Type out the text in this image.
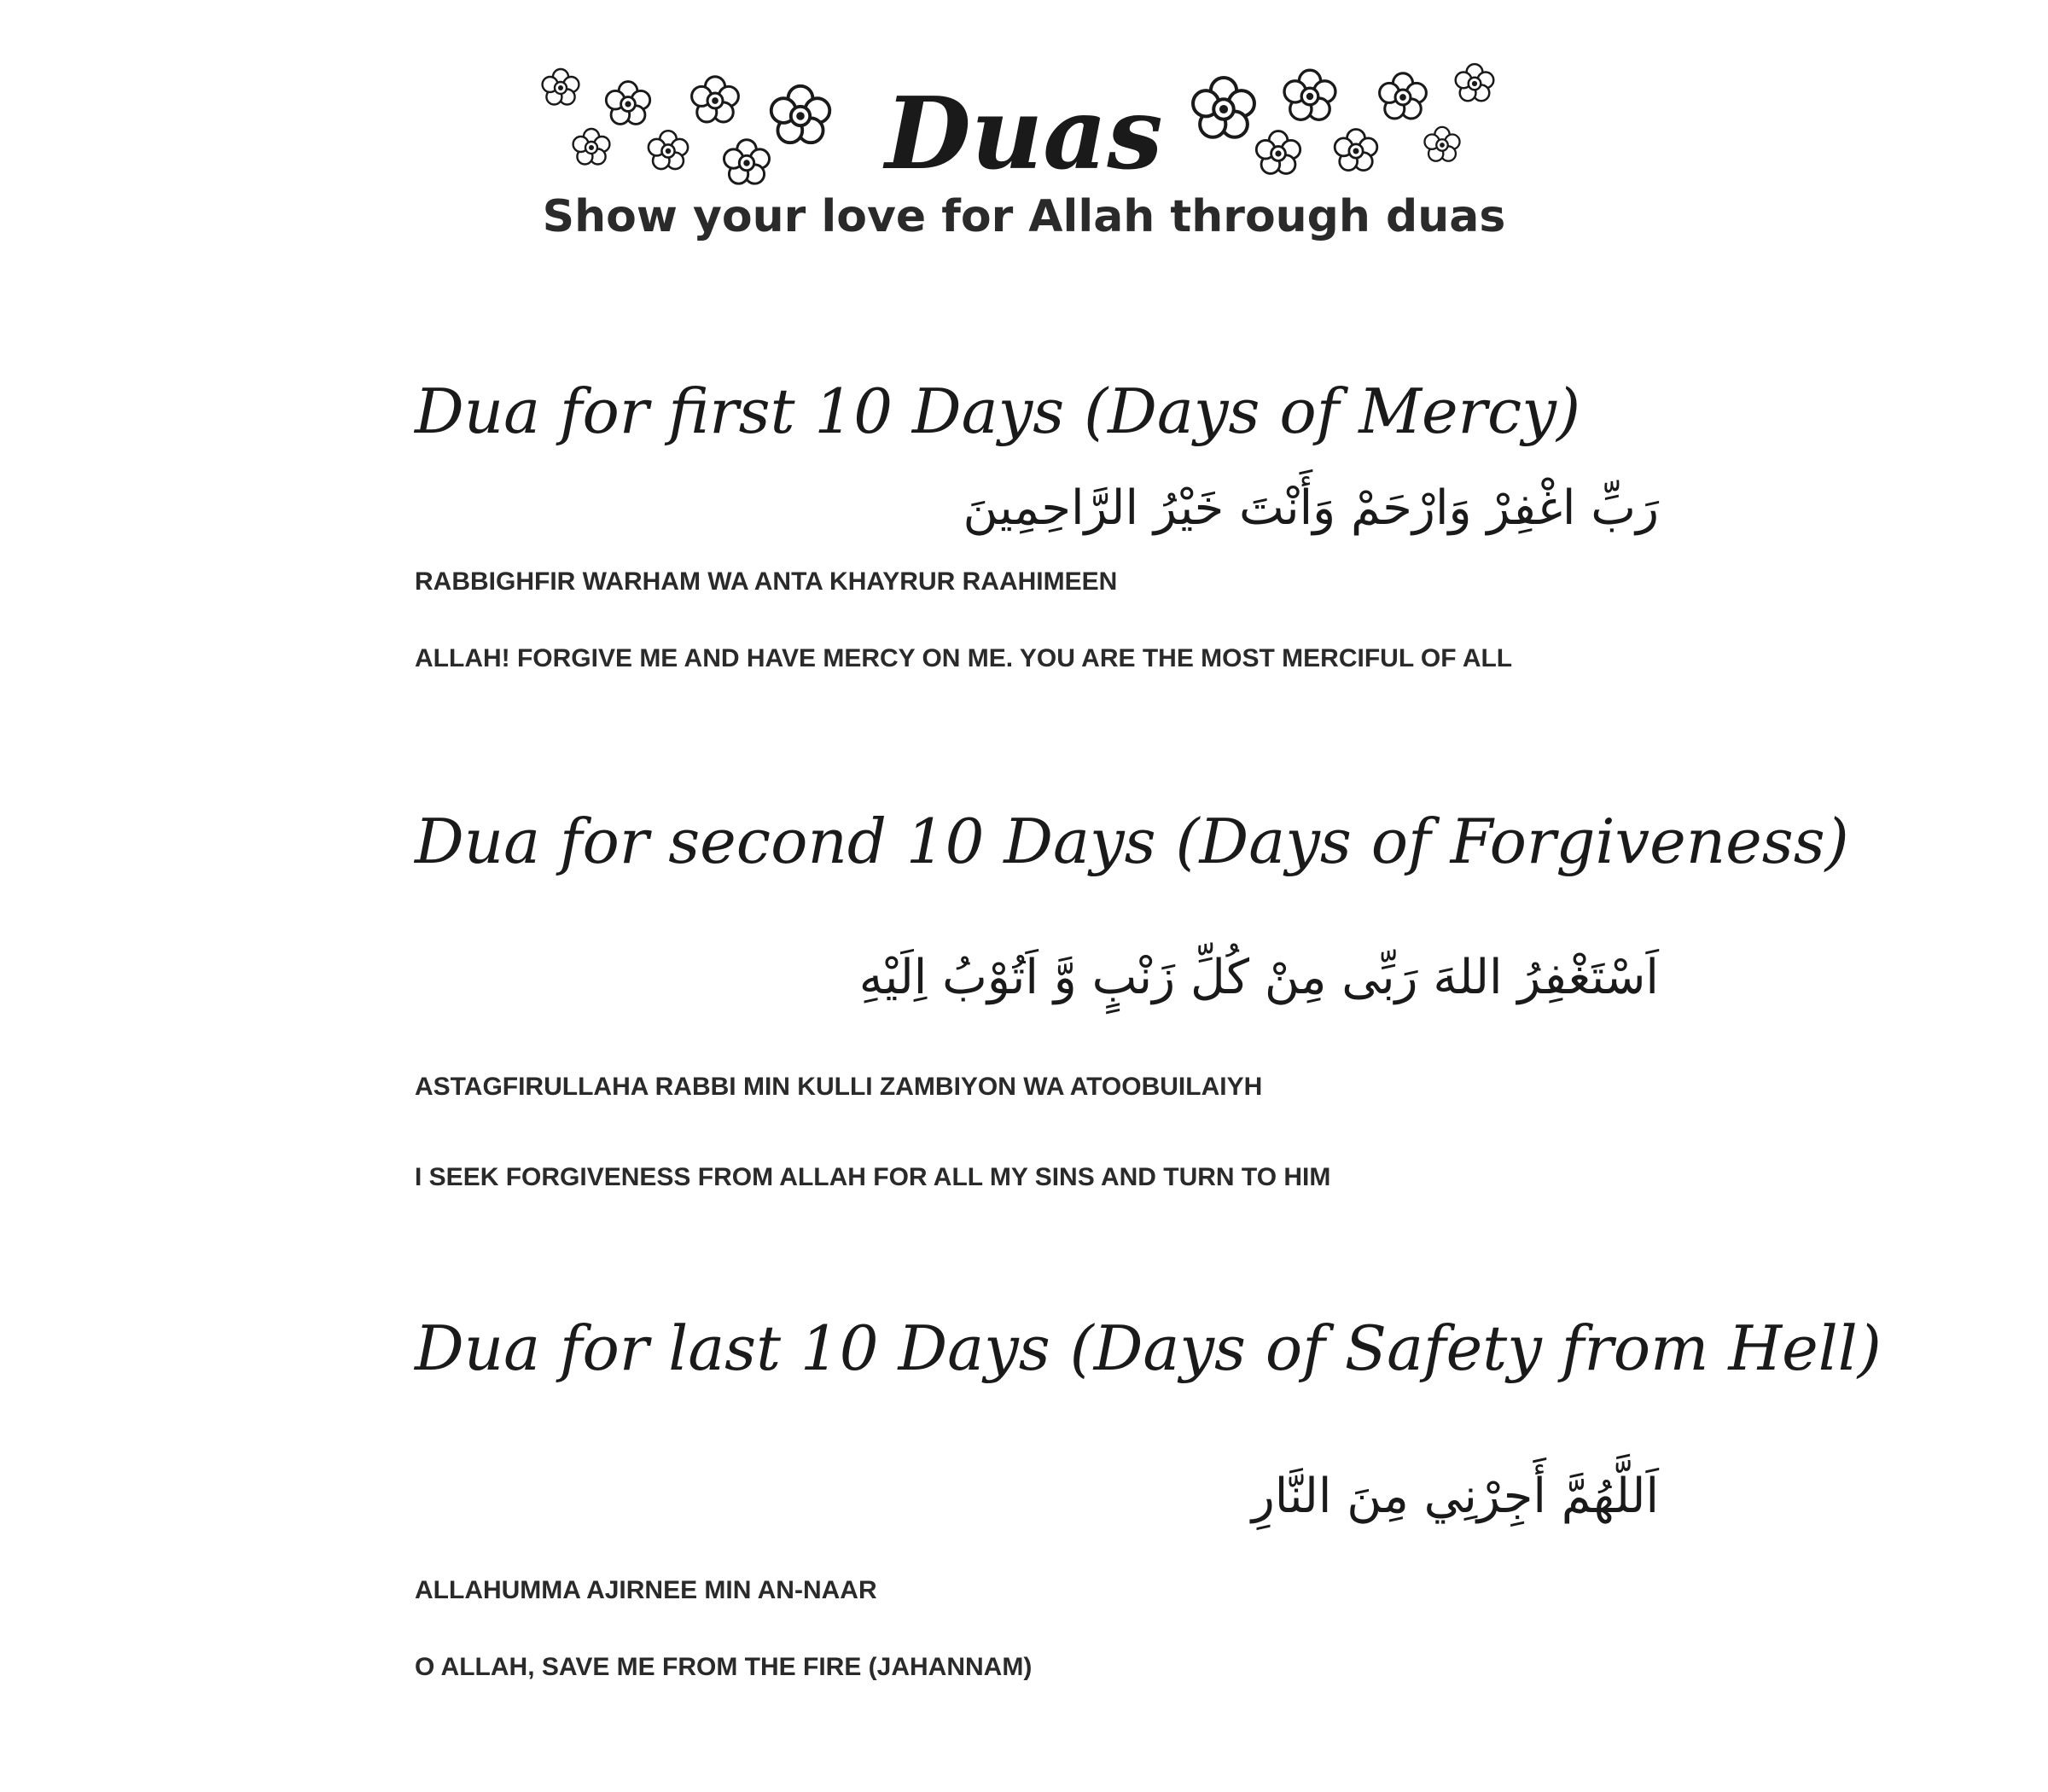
Duas

Show your love for Allah through duas

Dua for first 10 Days (Days of Mercy)

رَبِّ اغْفِرْ وَارْحَمْ وَأَنْتَ خَيْرُ الرَّاحِمِينَ

RABBIGHFIR WARHAM WA ANTA KHAYRUR RAAHIMEEN

ALLAH! FORGIVE ME AND HAVE MERCY ON ME. YOU ARE THE MOST MERCIFUL OF ALL

Dua for second 10 Days (Days of Forgiveness)

اَسْتَغْفِرُ اللهَ رَبِّى مِنْ كُلِّ زَنْبٍ وَّ اَتُوْبُ اِلَيْهِ

ASTAGFIRULLAHA RABBI MIN KULLI ZAMBIYON WA ATOOBUILAIYH

I SEEK FORGIVENESS FROM ALLAH FOR ALL MY SINS AND TURN TO HIM

Dua for last 10 Days (Days of Safety from Hell)

اَللَّهُمَّ أَجِرْنِي مِنَ النَّارِ

ALLAHUMMA AJIRNEE MIN AN-NAAR

O ALLAH, SAVE ME FROM THE FIRE (JAHANNAM)
